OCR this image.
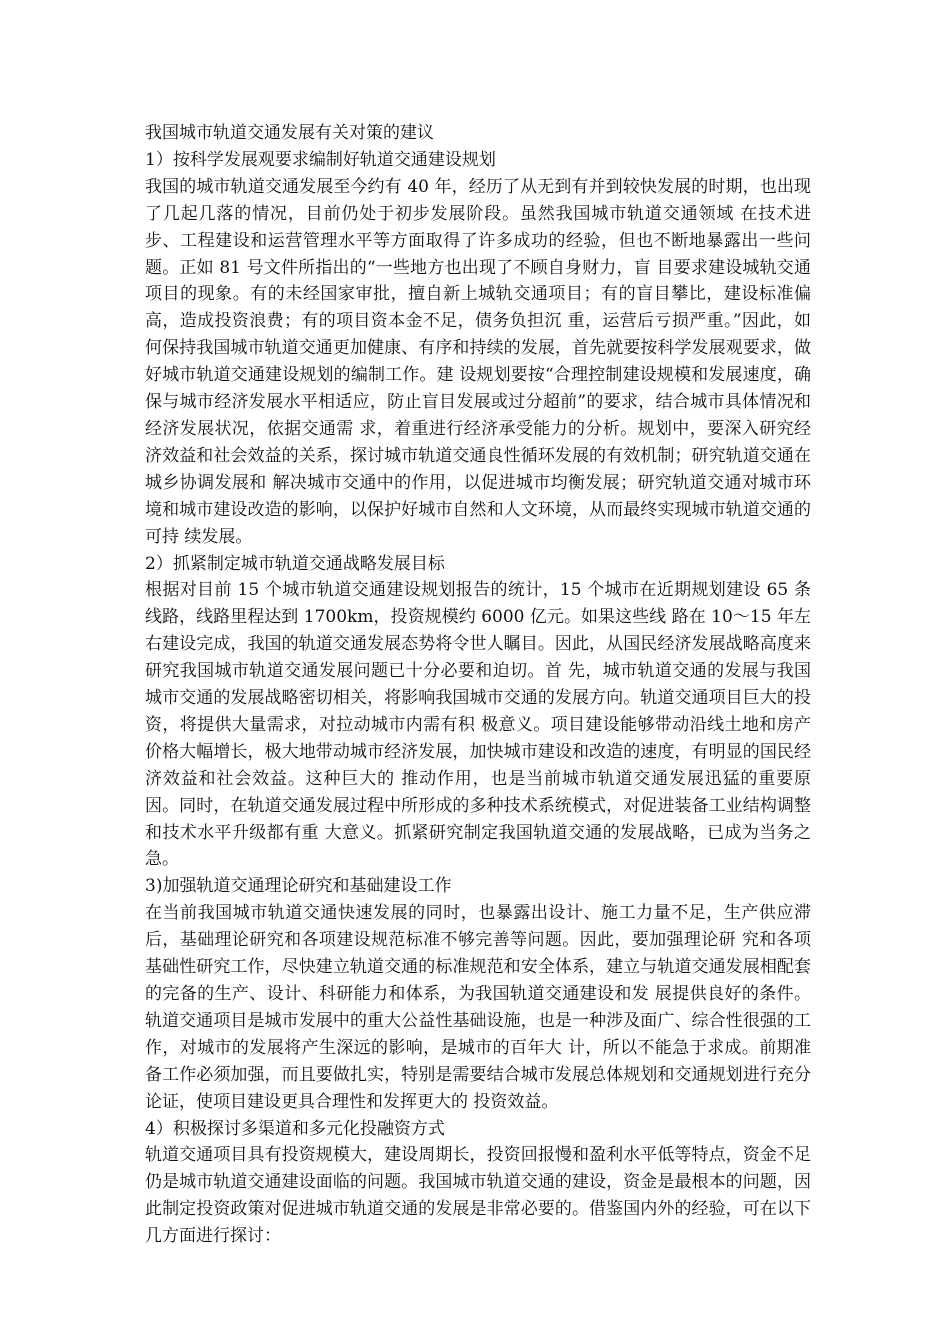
我国城市轨道交通发展有关对策的建议

1）按科学发展观要求编制好轨道交通建设规划

我国的城市轨道交通发展至今约有 40 年，经历了从无到有并到较快发展的时期，也出现了几起几落的情况，目前仍处于初步发展阶段。虽然我国城市轨道交通领域 在技术进步、工程建设和运营管理水平等方面取得了许多成功的经验，但也不断地暴露出一些问题。正如 81 号文件所指出的“一些地方也出现了不顾自身财力，盲 目要求建设城轨交通项目的现象。有的未经国家审批，擅自新上城轨交通项目；有的盲目攀比，建设标准偏高，造成投资浪费；有的项目资本金不足，债务负担沉 重，运营后亏损严重。”因此，如何保持我国城市轨道交通更加健康、有序和持续的发展，首先就要按科学发展观要求，做好城市轨道交通建设规划的编制工作。建 设规划要按“合理控制建设规模和发展速度，确保与城市经济发展水平相适应，防止盲目发展或过分超前”的要求，结合城市具体情况和经济发展状况，依据交通需 求，着重进行经济承受能力的分析。规划中，要深入研究经济效益和社会效益的关系，探讨城市轨道交通良性循环发展的有效机制；研究轨道交通在城乡协调发展和 解决城市交通中的作用，以促进城市均衡发展；研究轨道交通对城市环境和城市建设改造的影响，以保护好城市自然和人文环境，从而最终实现城市轨道交通的可持 续发展。

2）抓紧制定城市轨道交通战略发展目标

根据对目前 15 个城市轨道交通建设规划报告的统计，15 个城市在近期规划建设 65 条线路，线路里程达到 1700km，投资规模约 6000 亿元。如果这些线 路在 10～15 年左右建设完成，我国的轨道交通发展态势将令世人瞩目。因此，从国民经济发展战略高度来研究我国城市轨道交通发展问题已十分必要和迫切。首 先，城市轨道交通的发展与我国城市交通的发展战略密切相关，将影响我国城市交通的发展方向。轨道交通项目巨大的投资，将提供大量需求，对拉动城市内需有积 极意义。项目建设能够带动沿线土地和房产价格大幅增长，极大地带动城市经济发展，加快城市建设和改造的速度，有明显的国民经济效益和社会效益。这种巨大的 推动作用，也是当前城市轨道交通发展迅猛的重要原因。同时，在轨道交通发展过程中所形成的多种技术系统模式，对促进装备工业结构调整和技术水平升级都有重 大意义。抓紧研究制定我国轨道交通的发展战略，已成为当务之急。

3)加强轨道交通理论研究和基础建设工作

在当前我国城市轨道交通快速发展的同时，也暴露出设计、施工力量不足，生产供应滞后，基础理论研究和各项建设规范标准不够完善等问题。因此，要加强理论研 究和各项基础性研究工作，尽快建立轨道交通的标准规范和安全体系，建立与轨道交通发展相配套的完备的生产、设计、科研能力和体系，为我国轨道交通建设和发 展提供良好的条件。轨道交通项目是城市发展中的重大公益性基础设施，也是一种涉及面广、综合性很强的工作，对城市的发展将产生深远的影响，是城市的百年大 计，所以不能急于求成。前期准备工作必须加强，而且要做扎实，特别是需要结合城市发展总体规划和交通规划进行充分论证，使项目建设更具合理性和发挥更大的 投资效益。

4）积极探讨多渠道和多元化投融资方式

轨道交通项目具有投资规模大，建设周期长，投资回报慢和盈利水平低等特点，资金不足仍是城市轨道交通建设面临的问题。我国城市轨道交通的建设，资金是最根本的问题，因此制定投资政策对促进城市轨道交通的发展是非常必要的。借鉴国内外的经验，可在以下几方面进行探讨：
